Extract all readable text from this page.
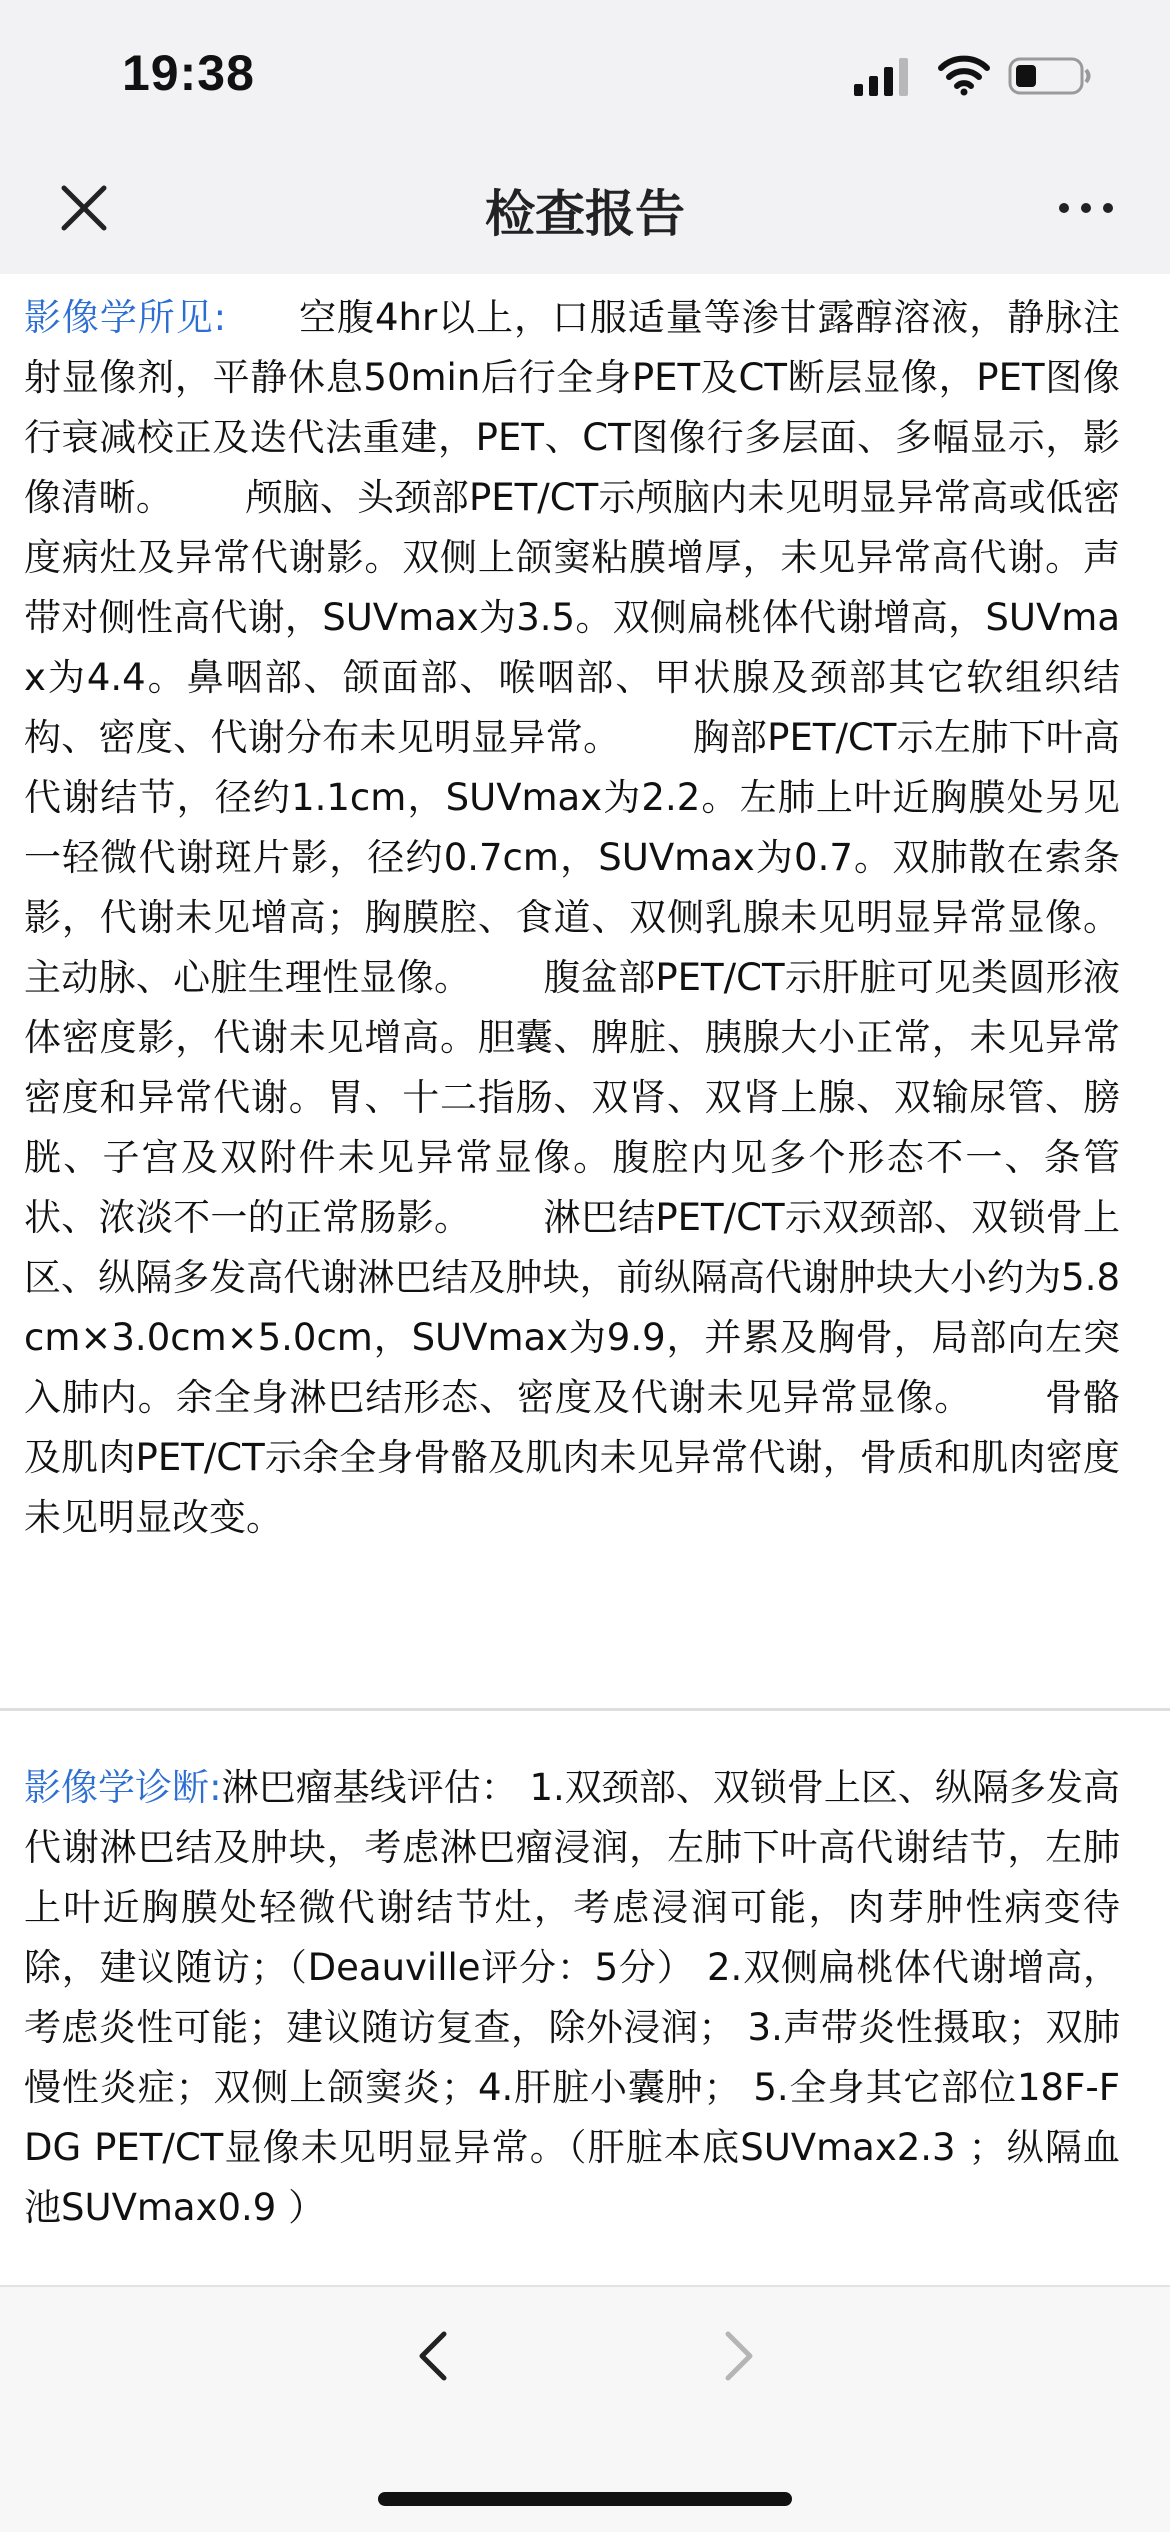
19:38
检查报告
影像学所见: 空腹4hr以上，口服适量等渗甘露醇溶液，静脉注射显像剂，平静休息50min后行全身PET及CT断层显像，PET图像行衰减校正及迭代法重建，PET、CT图像行多层面、多幅显示，影像清晰。 颅脑、头颈部PET/CT示颅脑内未见明显异常高或低密度病灶及异常代谢影。双侧上颌窦粘膜增厚，未见异常高代谢。声带对侧性高代谢，SUVmax为3.5。双侧扁桃体代谢增高，SUVmax为4.4。鼻咽部、颌面部、喉咽部、甲状腺及颈部其它软组织结构、密度、代谢分布未见明显异常。 胸部PET/CT示左肺下叶高代谢结节，径约1.1cm，SUVmax为2.2。左肺上叶近胸膜处另见一轻微代谢斑片影，径约0.7cm，SUVmax为0.7。双肺散在索条影，代谢未见增高；胸膜腔、食道、双侧乳腺未见明显异常显像。主动脉、心脏生理性显像。 腹盆部PET/CT示肝脏可见类圆形液体密度影，代谢未见增高。胆囊、脾脏、胰腺大小正常，未见异常密度和异常代谢。胃、十二指肠、双肾、双肾上腺、双输尿管、膀胱、子宫及双附件未见异常显像。腹腔内见多个形态不一、条管状、浓淡不一的正常肠影。 淋巴结PET/CT示双颈部、双锁骨上区、纵隔多发高代谢淋巴结及肿块，前纵隔高代谢肿块大小约为5.8cm×3.0cm×5.0cm，SUVmax为9.9，并累及胸骨，局部向左突入肺内。余全身淋巴结形态、密度及代谢未见异常显像。 骨骼及肌肉PET/CT示余全身骨骼及肌肉未见异常代谢，骨质和肌肉密度未见明显改变。
影像学诊断:淋巴瘤基线评估： 1.双颈部、双锁骨上区、纵隔多发高代谢淋巴结及肿块，考虑淋巴瘤浸润，左肺下叶高代谢结节，左肺上叶近胸膜处轻微代谢结节灶，考虑浸润可能，肉芽肿性病变待除，建议随访；（Deauville评分：5分） 2.双侧扁桃体代谢增高，考虑炎性可能；建议随访复查，除外浸润； 3.声带炎性摄取；双肺慢性炎症；双侧上颌窦炎；4.肝脏小囊肿； 5.全身其它部位18F-FDG PET/CT显像未见明显异常。（肝脏本底SUVmax2.3 ；纵隔血池SUVmax0.9 ）
